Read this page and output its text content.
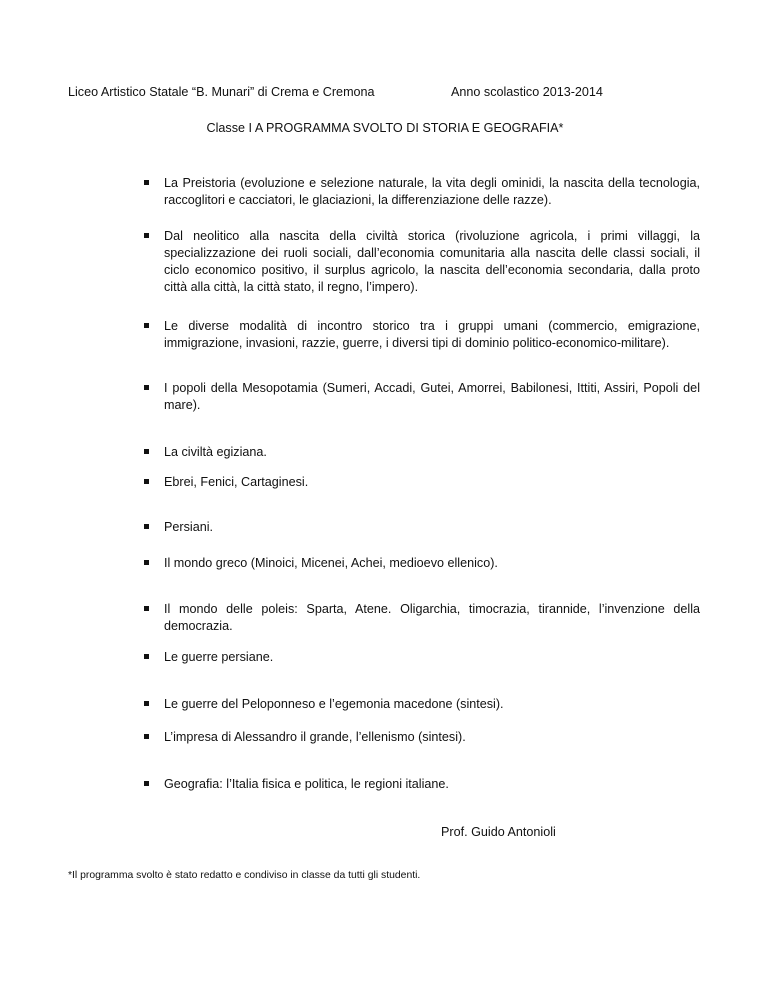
Liceo Artistico Statale “B. Munari” di Crema e Cremona	Anno scolastico 2013-2014
Classe I A PROGRAMMA SVOLTO DI STORIA E GEOGRAFIA*
La Preistoria (evoluzione e selezione naturale, la vita degli ominidi, la nascita della tecnologia, raccoglitori e cacciatori, le glaciazioni, la differenziazione delle razze).
Dal neolitico alla nascita della civiltà storica (rivoluzione agricola, i primi villaggi, la specializzazione dei ruoli sociali, dall’economia comunitaria alla nascita delle classi sociali, il ciclo economico positivo, il surplus agricolo, la nascita dell’economia secondaria, dalla proto città alla città, la città stato, il regno, l’impero).
Le diverse modalità di incontro storico tra i gruppi umani (commercio, emigrazione, immigrazione, invasioni, razzie, guerre, i diversi tipi di dominio politico-economico-militare).
I popoli della Mesopotamia (Sumeri, Accadi, Gutei, Amorrei, Babilonesi, Ittiti, Assiri, Popoli del mare).
La civiltà egiziana.
Ebrei, Fenici, Cartaginesi.
Persiani.
Il mondo greco (Minoici, Micenei, Achei, medioevo ellenico).
Il mondo delle poleis: Sparta, Atene. Oligarchia, timocrazia, tirannide, l’invenzione della democrazia.
Le guerre persiane.
Le guerre del Peloponneso e l’egemonia macedone (sintesi).
L’impresa di Alessandro il grande, l’ellenismo (sintesi).
Geografia: l’Italia fisica e politica, le regioni italiane.
Prof. Guido Antonioli
*Il programma svolto è stato redatto e condiviso in classe da tutti gli studenti.
